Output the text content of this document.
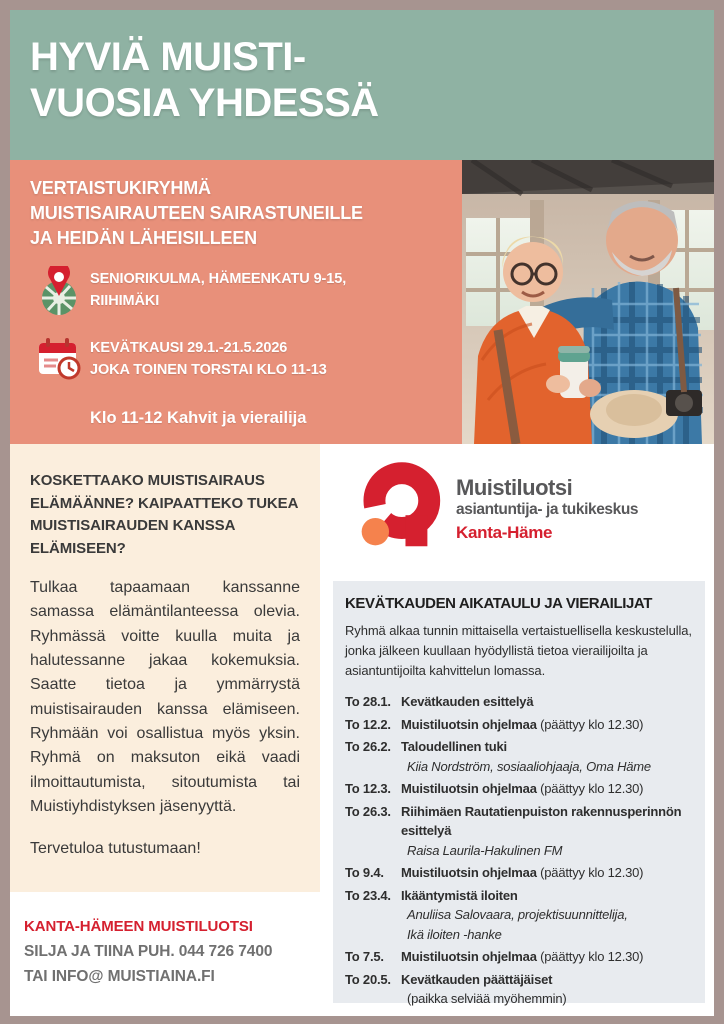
HYVIÄ MUISTI-
VUOSIA YHDESSÄ
VERTAISTUKIRYHMÄ
MUISTISAIRAUTEEN SAIRASTUNEILLE
JA HEIDÄN LÄHEISILLEEN
SENIORIKULMA, HÄMEENKATU 9-15,
RIIHIMÄKI
KEVÄTKAUSI 29.1.-21.5.2026
JOKA TOINEN TORSTAI KLO 11-13
Klo 11-12 Kahvit ja vierailija
KOSKETTAAKO MUISTISAIRAUS ELÄMÄÄNNE? KAIPAATTEKO TUKEA MUISTISAIRAUDEN KANSSA ELÄMISEEN?

Tulkaa tapaamaan kanssanne samassa elämäntilanteessa olevia. Ryhmässä voitte kuulla muita ja halutessanne jakaa kokemuksia. Saatte tietoa ja ymmärrystä muistisairauden kanssa elämiseen. Ryhmään voi osallistua myös yksin. Ryhmä on maksuton eikä vaadi ilmoittautumista, sitoutumista tai Muistiyhdistyksen jäsenyyttä.

Tervetuloa tutustumaan!

KANTA-HÄMEEN MUISTILUOTSI
SILJA JA TIINA PUH. 044 726 7400
TAI INFO@ MUISTIAINA.FI
Muistiluotsi
asiantuntija- ja tukikeskus
Kanta-Häme
KEVÄTKAUDEN AIKATAULU JA VIERAILIJAT

Ryhmä alkaa tunnin mittaisella vertaistuellisella keskustelulla, jonka jälkeen kuullaan hyödyllistä tietoa vierailijoilta ja asiantuntijoilta kahvittelun lomassa.

To 28.1. Kevätkauden esittelyä
To 12.2. Muistiluotsin ohjelmaa (päättyy klo 12.30)
To 26.2. Taloudellinen tuki
Kiia Nordström, sosiaaliohjaaja, Oma Häme
To 12.3. Muistiluotsin ohjelmaa (päättyy klo 12.30)
To 26.3. Riihimäen Rautatienpuiston rakennusperinnön esittelyä
Raisa Laurila-Hakulinen FM
To 9.4.	Muistiluotsin ohjelmaa (päättyy klo 12.30)
To 23.4. Ikääntymistä iloiten
Anuliisa Salovaara, projektisuunnittelija,
Ikä iloiten -hanke
To 7.5.	Muistiluotsin ohjelmaa (päättyy klo 12.30)
To 20.5. Kevätkauden päättäjäiset
(paikka selviää myöhemmin)
